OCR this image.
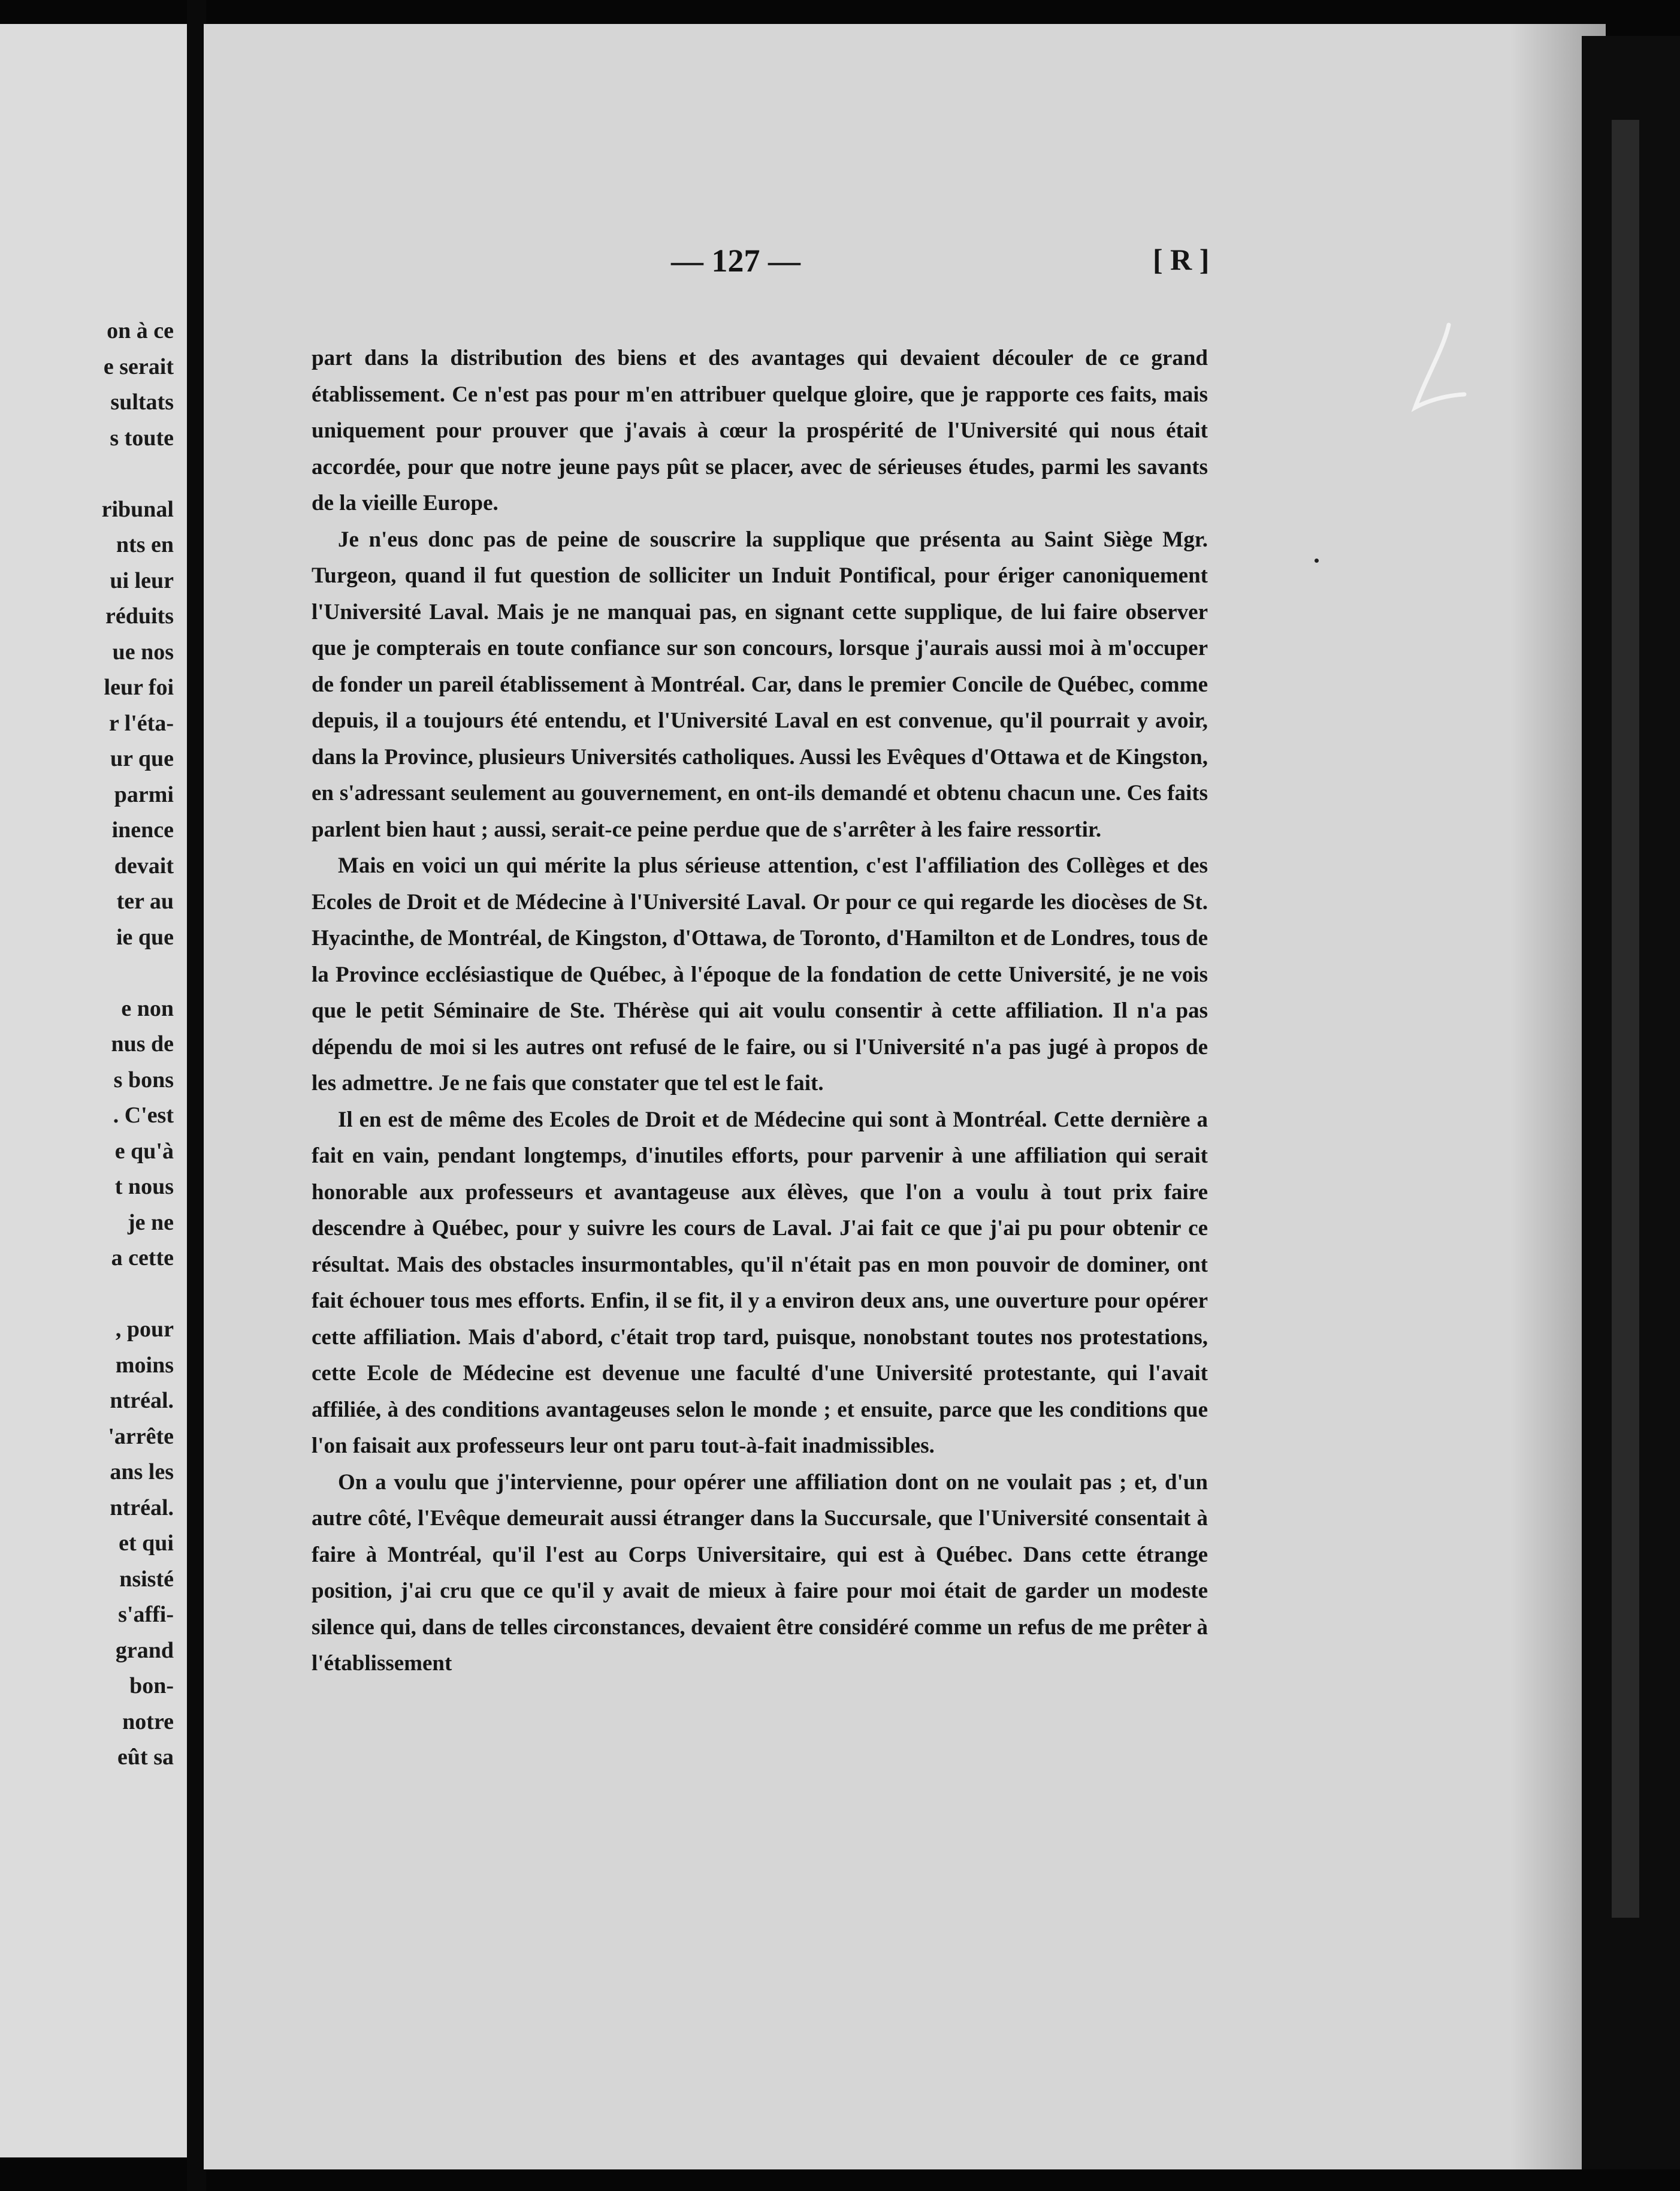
on à ce
e serait
sultats
s toute
ribunal
nts en
ui leur
réduits
ue nos
leur foi
r l'éta-
ur que
parmi
inence
devait
ter au
ie que
e non
nus de
s bons
. C'est
e qu'à
t nous
je ne
a cette
, pour
moins
ntréal.
'arrête
ans les
ntréal.
et qui
nsisté
s'affi-
grand
bon-
notre
eût sa
— 127 —	[ R ]

part dans la distribution des biens et des avantages qui devaient découler de ce grand établissement. Ce n'est pas pour m'en attribuer quelque gloire, que je rapporte ces faits, mais uniquement pour prouver que j'avais à cœur la prospérité de l'Université qui nous était accordée, pour que notre jeune pays pût se placer, avec de sérieuses études, parmi les savants de la vieille Europe.

Je n'eus donc pas de peine de souscrire la supplique que présenta au Saint Siège Mgr. Turgeon, quand il fut question de solliciter un Induit Pontifical, pour ériger canoniquement l'Université Laval. Mais je ne manquai pas, en signant cette supplique, de lui faire observer que je compterais en toute confiance sur son concours, lorsque j'aurais aussi moi à m'occuper de fonder un pareil établissement à Montréal. Car, dans le premier Concile de Québec, comme depuis, il a toujours été entendu, et l'Université Laval en est convenue, qu'il pourrait y avoir, dans la Province, plusieurs Universités catholiques. Aussi les Evêques d'Ottawa et de Kingston, en s'adressant seulement au gouvernement, en ont-ils demandé et obtenu chacun une. Ces faits parlent bien haut ; aussi, serait-ce peine perdue que de s'arrêter à les faire ressortir.

Mais en voici un qui mérite la plus sérieuse attention, c'est l'affiliation des Collèges et des Ecoles de Droit et de Médecine à l'Université Laval. Or pour ce qui regarde les diocèses de St. Hyacinthe, de Montréal, de Kingston, d'Ottawa, de Toronto, d'Hamilton et de Londres, tous de la Province ecclésiastique de Québec, à l'époque de la fondation de cette Université, je ne vois que le petit Séminaire de Ste. Thérèse qui ait voulu consentir à cette affiliation. Il n'a pas dépendu de moi si les autres ont refusé de le faire, ou si l'Université n'a pas jugé à propos de les admettre. Je ne fais que constater que tel est le fait.

Il en est de même des Ecoles de Droit et de Médecine qui sont à Montréal. Cette dernière a fait en vain, pendant longtemps, d'inutiles efforts, pour parvenir à une affiliation qui serait honorable aux professeurs et avantageuse aux élèves, que l'on a voulu à tout prix faire descendre à Québec, pour y suivre les cours de Laval. J'ai fait ce que j'ai pu pour obtenir ce résultat. Mais des obstacles insurmontables, qu'il n'était pas en mon pouvoir de dominer, ont fait échouer tous mes efforts. Enfin, il se fit, il y a environ deux ans, une ouverture pour opérer cette affiliation. Mais d'abord, c'était trop tard, puisque, nonobstant toutes nos protestations, cette Ecole de Médecine est devenue une faculté d'une Université protestante, qui l'avait affiliée, à des conditions avantageuses selon le monde ; et ensuite, parce que les conditions que l'on faisait aux professeurs leur ont paru tout-à-fait inadmissibles.

On a voulu que j'intervienne, pour opérer une affiliation dont on ne voulait pas ; et, d'un autre côté, l'Evêque demeurait aussi étranger dans la Succursale, que l'Université consentait à faire à Montréal, qu'il l'est au Corps Universitaire, qui est à Québec. Dans cette étrange position, j'ai cru que ce qu'il y avait de mieux à faire pour moi était de garder un modeste silence qui, dans de telles circonstances, devaient être considéré comme un refus de me prêter à l'établissement
